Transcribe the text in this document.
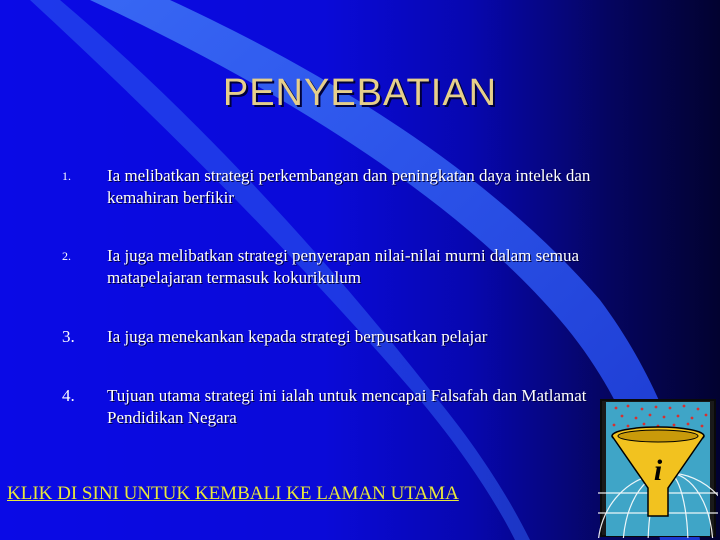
PENYEBATIAN
1.	Ia melibatkan strategi perkembangan dan peningkatan daya intelek dan kemahiran berfikir
2.	Ia juga melibatkan strategi penyerapan nilai-nilai murni dalam semua matapelajaran termasuk kokurikulum
3.	Ia juga menekankan kepada strategi berpusatkan pelajar
4.	Tujuan utama strategi ini ialah untuk mencapai Falsafah dan Matlamat Pendidikan Negara
KLIK DI SINI UNTUK KEMBALI KE LAMAN UTAMA
i
